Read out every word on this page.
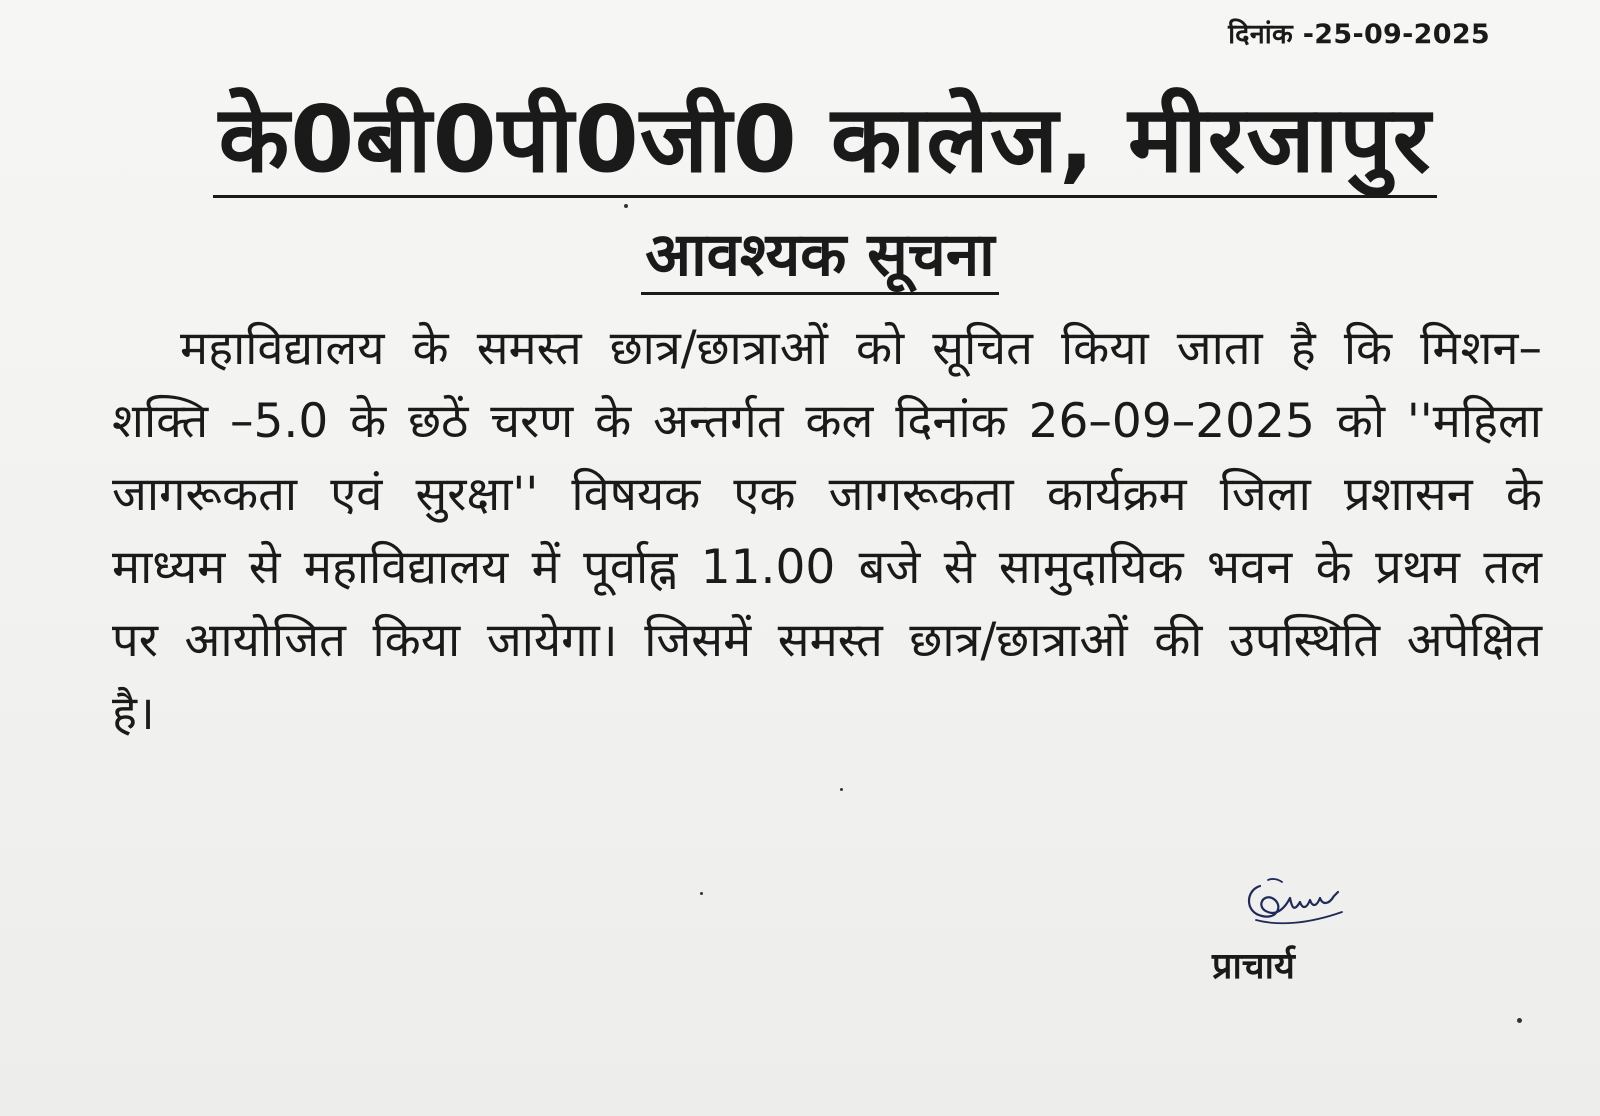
दिनांक -25-09-2025
के0बी0पी0जी0 कालेज, मीरजापुर
आवश्यक सूचना

महाविद्यालय के समस्त छात्र/छात्राओं को सूचित किया जाता है कि मिशन–शक्ति –5.0 के छठें चरण के अन्तर्गत कल दिनांक 26–09–2025 को ''महिला जागरूकता एवं सुरक्षा'' विषयक एक जागरूकता कार्यक्रम जिला प्रशासन के माध्यम से महाविद्यालय में पूर्वाह्न 11.00 बजे से सामुदायिक भवन के प्रथम तल पर आयोजित किया जायेगा। जिसमें समस्त छात्र/छात्राओं की उपस्थिति अपेक्षित है।

प्राचार्य
